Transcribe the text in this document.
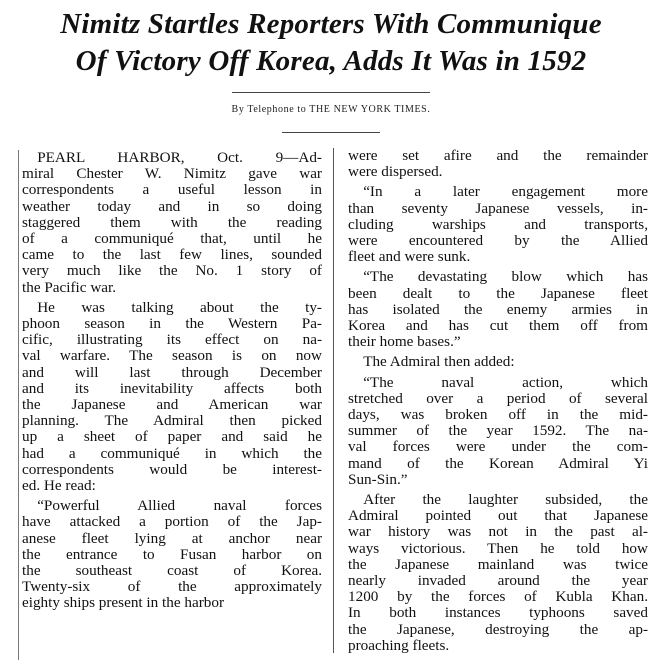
Nimitz Startles Reporters With Communique
Of Victory Off Korea, Adds It Was in 1592
By Telephone to THE NEW YORK TIMES.
 PEARL HARBOR, Oct. 9—Ad-
miral Chester W. Nimitz gave war
correspondents a useful lesson in
weather today and in so doing
staggered them with the reading
of a communiqué that, until he
came to the last few lines, sounded
very much like the No. 1 story of
the Pacific war.
 He was talking about the ty-
phoon season in the Western Pa-
cific, illustrating its effect on na-
val warfare. The season is on now
and will last through December
and its inevitability affects both
the Japanese and American war
planning. The Admiral then picked
up a sheet of paper and said he
had a communiqué in which the
correspondents would be interest-
ed. He read:
 “Powerful Allied naval forces
have attacked a portion of the Jap-
anese fleet lying at anchor near
the entrance to Fusan harbor on
the southeast coast of Korea.
Twenty-six of the approximately
eighty ships present in the harbor
were set afire and the remainder
were dispersed.
 “In a later engagement more
than seventy Japanese vessels, in-
cluding warships and transports,
were encountered by the Allied
fleet and were sunk.
 “The devastating blow which has
been dealt to the Japanese fleet
has isolated the enemy armies in
Korea and has cut them off from
their home bases.”
 The Admiral then added:
 “The naval action, which
stretched over a period of several
days, was broken off in the mid-
summer of the year 1592. The na-
val forces were under the com-
mand of the Korean Admiral Yi
Sun-Sin.”
 After the laughter subsided, the
Admiral pointed out that Japanese
war history was not in the past al-
ways victorious. Then he told how
the Japanese mainland was twice
nearly invaded around the year
1200 by the forces of Kubla Khan.
In both instances typhoons saved
the Japanese, destroying the ap-
proaching fleets.
